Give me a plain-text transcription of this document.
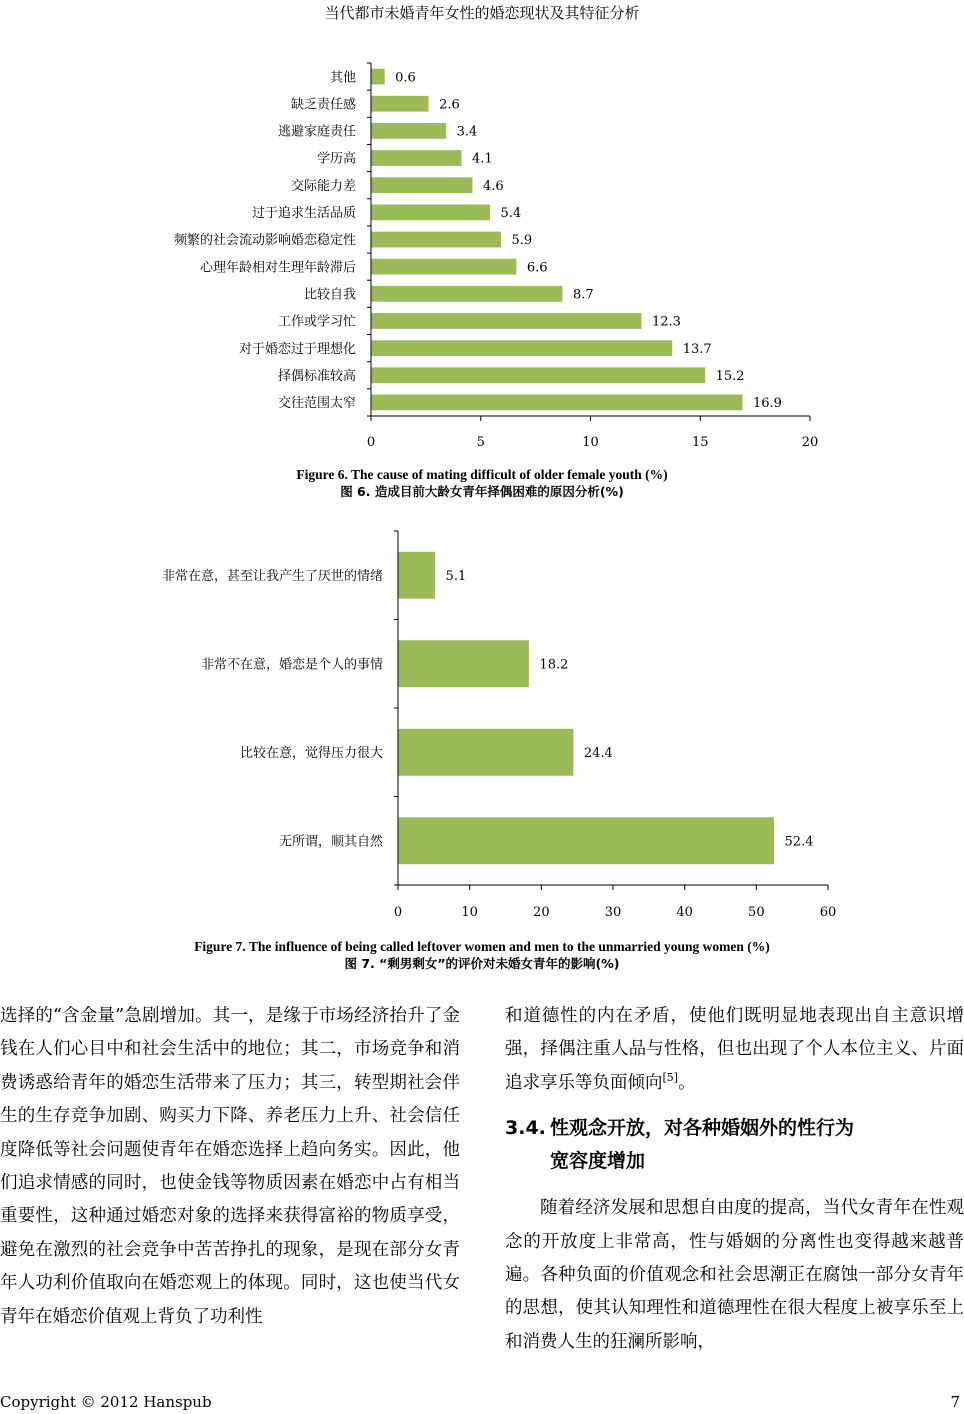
当代都市未婚青年女性的婚恋现状及其特征分析
0	5	10	15	20
0.6
其他
2.6
缺乏责任感
3.4
逃避家庭责任
4.1
学历高
4.6
交际能力差
5.4
过于追求生活品质
5.9
频繁的社会流动影响婚恋稳定性
6.6
心理年龄相对生理年龄滞后
8.7
比较自我
12.3
工作或学习忙
13.7
对于婚恋过于理想化
15.2
择偶标准较高
16.9
交往范围太窄
0	10	20	30	40	50	60
5.1
非常在意，甚至让我产生了厌世的情绪
18.2
非常不在意，婚恋是个人的事情
24.4
比较在意，觉得压力很大
52.4
无所谓，顺其自然
Figure 6. The cause of mating difficult of older female youth (%)
图 6. 造成目前大龄女青年择偶困难的原因分析(%)
Figure 7. The influence of being called leftover women and men to the unmarried young women (%)
图 7. “剩男剩女”的评价对未婚女青年的影响(%)

选择的“含金量”急剧增加。其一，是缘于市场经济抬升了金钱在人们心目中和社会生活中的地位；其二，市场竞争和消费诱惑给青年的婚恋生活带来了压力；其三，转型期社会伴生的生存竞争加剧、购买力下降、养老压力上升、社会信任度降低等社会问题使青年在婚恋选择上趋向务实。因此，他们追求情感的同时，也使金钱等物质因素在婚恋中占有相当重要性，这种通过婚恋对象的选择来获得富裕的物质享受，避免在激烈的社会竞争中苦苦挣扎的现象，是现在部分女青年人功利价值取向在婚恋观上的体现。同时，这也使当代女青年在婚恋价值观上背负了功利性

和道德性的内在矛盾，使他们既明显地表现出自主意识增强，择偶注重人品与性格，但也出现了个人本位主义、片面追求享乐等负面倾向[5]。

3.4. 性观念开放，对各种婚姻外的性行为
宽容度增加

随着经济发展和思想自由度的提高，当代女青年在性观念的开放度上非常高，性与婚姻的分离性也变得越来越普遍。各种负面的价值观念和社会思潮正在腐蚀一部分女青年的思想，使其认知理性和道德理性在很大程度上被享乐至上和消费人生的狂澜所影响，

Copyright © 2012 Hanspub	7
